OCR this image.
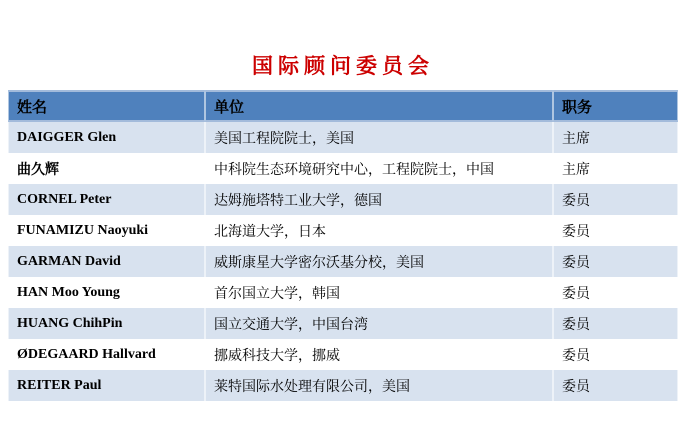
国际顾问委员会
姓名	单位	职务
DAIGGER Glen	美国工程院院士，美国	主席
曲久辉	中科院生态环境研究中心，工程院院士，中国	主席
CORNEL Peter	达姆施塔特工业大学，德国	委员
FUNAMIZU Naoyuki	北海道大学，日本	委员
GARMAN David	威斯康星大学密尔沃基分校，美国	委员
HAN Moo Young	首尔国立大学，韩国	委员
HUANG ChihPin	国立交通大学，中国台湾	委员
ØDEGAARD Hallvard	挪威科技大学，挪威	委员
REITER Paul	莱特国际水处理有限公司，美国	委员
